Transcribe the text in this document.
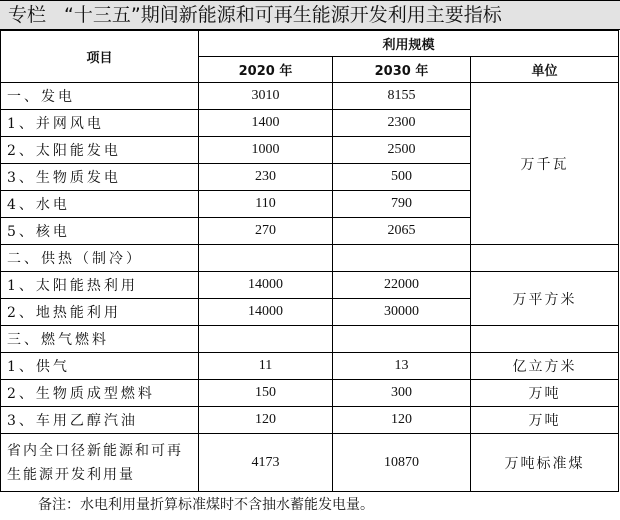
专栏 “十三五”期间新能源和可再生能源开发利用主要指标
项目	利用规模		
	2020 年	2030 年	单位
一、发电	3010	8155	万千瓦
1、并网风电	1400	2300	
2、太阳能发电	1000	2500	
3、生物质发电	230	500	
4、水电	110	790	
5、核电	270	2065	
二、供热（制冷）			
1、太阳能热利用	14000	22000	万平方米
2、地热能利用	14000	30000	
三、燃气燃料			
1、供气	11	13	亿立方米
2、生物质成型燃料	150	300	万吨
3、车用乙醇汽油	120	120	万吨
省内全口径新能源和可再生能源开发利用量	4173	10870	万吨标准煤
备注：水电利用量折算标准煤时不含抽水蓄能发电量。
